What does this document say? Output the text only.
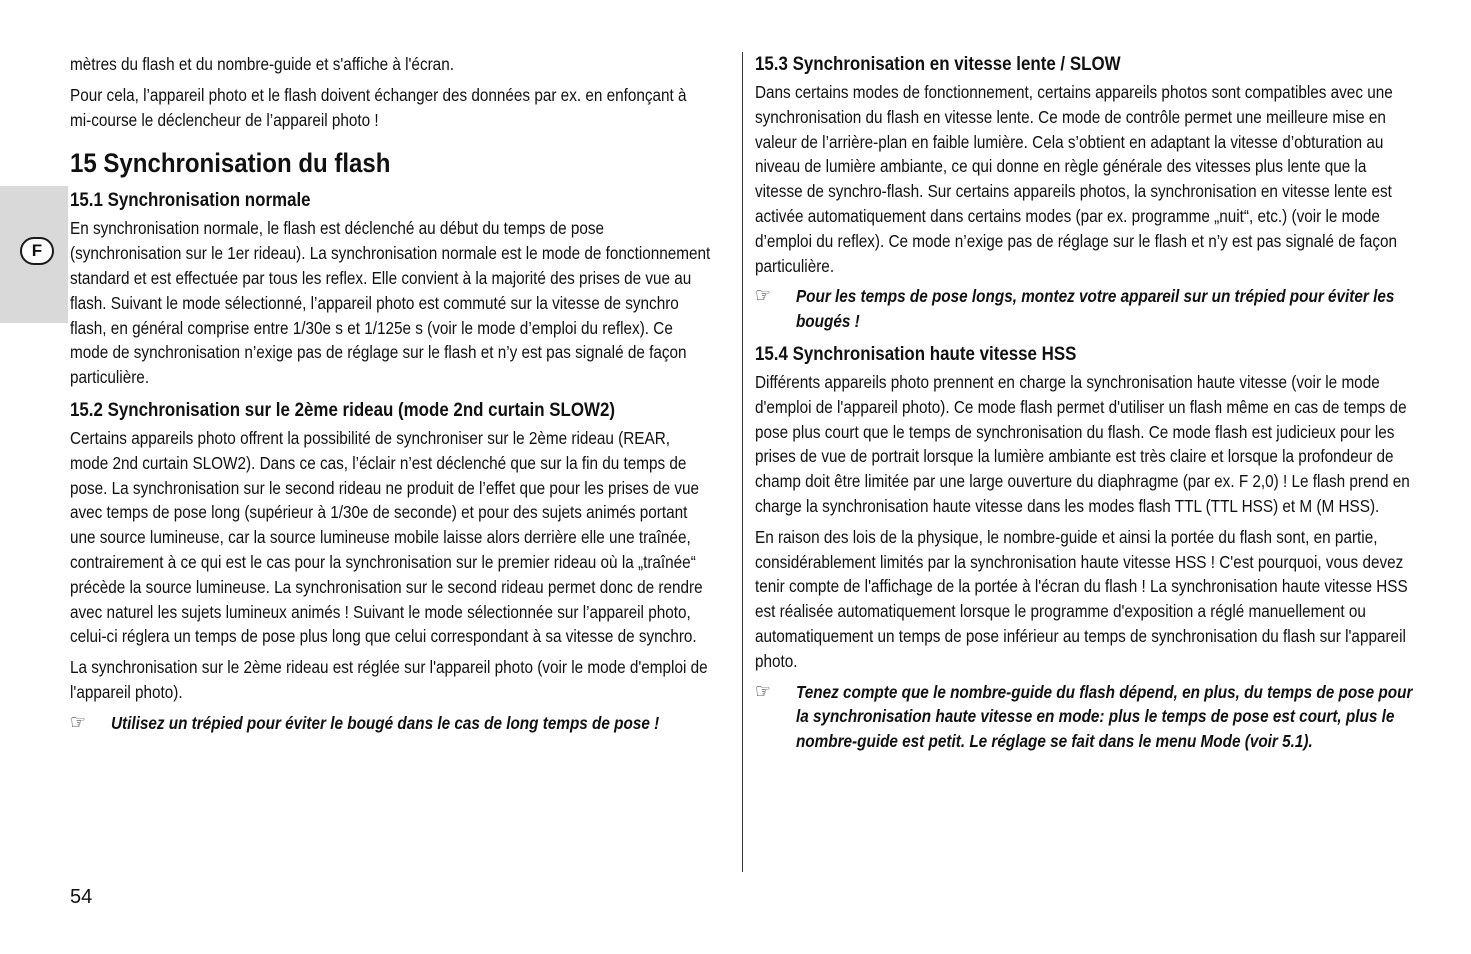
F

mètres du flash et du nombre-guide et s'affiche à l'écran.

Pour cela, l’appareil photo et le flash doivent échanger des données par ex. en enfonçant à mi-course le déclencheur de l’appareil photo !

15 Synchronisation du flash
15.1 Synchronisation normale

En synchronisation normale, le flash est déclenché au début du temps de pose (synchronisation sur le 1er rideau). La synchronisation normale est le mode de fonctionnement standard et est effectuée par tous les reflex. Elle convient à la majorité des prises de vue au flash. Suivant le mode sélectionné, l’appareil photo est commuté sur la vitesse de synchro flash, en général comprise entre 1/30e s et 1/125e s (voir le mode d’emploi du reflex). Ce mode de synchronisation n’exige pas de réglage sur le flash et n’y est pas signalé de façon particulière.

15.2 Synchronisation sur le 2ème rideau (mode 2nd curtain SLOW2)

Certains appareils photo offrent la possibilité de synchroniser sur le 2ème rideau (REAR, mode 2nd curtain SLOW2). Dans ce cas, l’éclair n’est déclenché que sur la fin du temps de pose. La synchronisation sur le second rideau ne produit de l’effet que pour les prises de vue avec temps de pose long (supérieur à 1/30e de seconde) et pour des sujets animés portant une source lumineuse, car la source lumineuse mobile laisse alors derrière elle une traînée, contrairement à ce qui est le cas pour la synchronisation sur le premier rideau où la „traînée“ précède la source lumineuse. La synchronisation sur le second rideau permet donc de rendre avec naturel les sujets lumineux animés ! Suivant le mode sélectionnée sur l’appareil photo, celui-ci réglera un temps de pose plus long que celui correspondant à sa vitesse de synchro.

La synchronisation sur le 2ème rideau est réglée sur l'appareil photo (voir le mode d'emploi de l'appareil photo).

☞ Utilisez un trépied pour éviter le bougé dans le cas de long temps de pose !
15.3 Synchronisation en vitesse lente / SLOW

Dans certains modes de fonctionnement, certains appareils photos sont compatibles avec une synchronisation du flash en vitesse lente. Ce mode de contrôle permet une meilleure mise en valeur de l’arrière-plan en faible lumière. Cela s’obtient en adaptant la vitesse d’obturation au niveau de lumière ambiante, ce qui donne en règle générale des vitesses plus lente que la vitesse de synchro-flash. Sur certains appareils photos, la synchronisation en vitesse lente est activée automatiquement dans certains modes (par ex. programme „nuit“, etc.) (voir le mode d’emploi du reflex). Ce mode n’exige pas de réglage sur le flash et n’y est pas signalé de façon particulière.

☞ Pour les temps de pose longs, montez votre appareil sur un trépied pour éviter les bougés !
15.4 Synchronisation haute vitesse HSS

Différents appareils photo prennent en charge la synchronisation haute vitesse (voir le mode d'emploi de l'appareil photo). Ce mode flash permet d'utiliser un flash même en cas de temps de pose plus court que le temps de synchronisation du flash. Ce mode flash est judicieux pour les prises de vue de portrait lorsque la lumière ambiante est très claire et lorsque la profondeur de champ doit être limitée par une large ouverture du diaphragme (par ex. F 2,0) ! Le flash prend en charge la synchronisation haute vitesse dans les modes flash TTL (TTL HSS) et M (M HSS).

En raison des lois de la physique, le nombre-guide et ainsi la portée du flash sont, en partie, considérablement limités par la synchronisation haute vitesse HSS ! C'est pourquoi, vous devez tenir compte de l'affichage de la portée à l'écran du flash ! La synchronisation haute vitesse HSS est réalisée automatiquement lorsque le programme d'exposition a réglé manuellement ou automatiquement un temps de pose inférieur au temps de synchronisation du flash sur l'appareil photo.

☞ Tenez compte que le nombre-guide du flash dépend, en plus, du temps de pose pour la synchronisation haute vitesse en mode: plus le temps de pose est court, plus le nombre-guide est petit. Le réglage se fait dans le menu Mode (voir 5.1).
54
